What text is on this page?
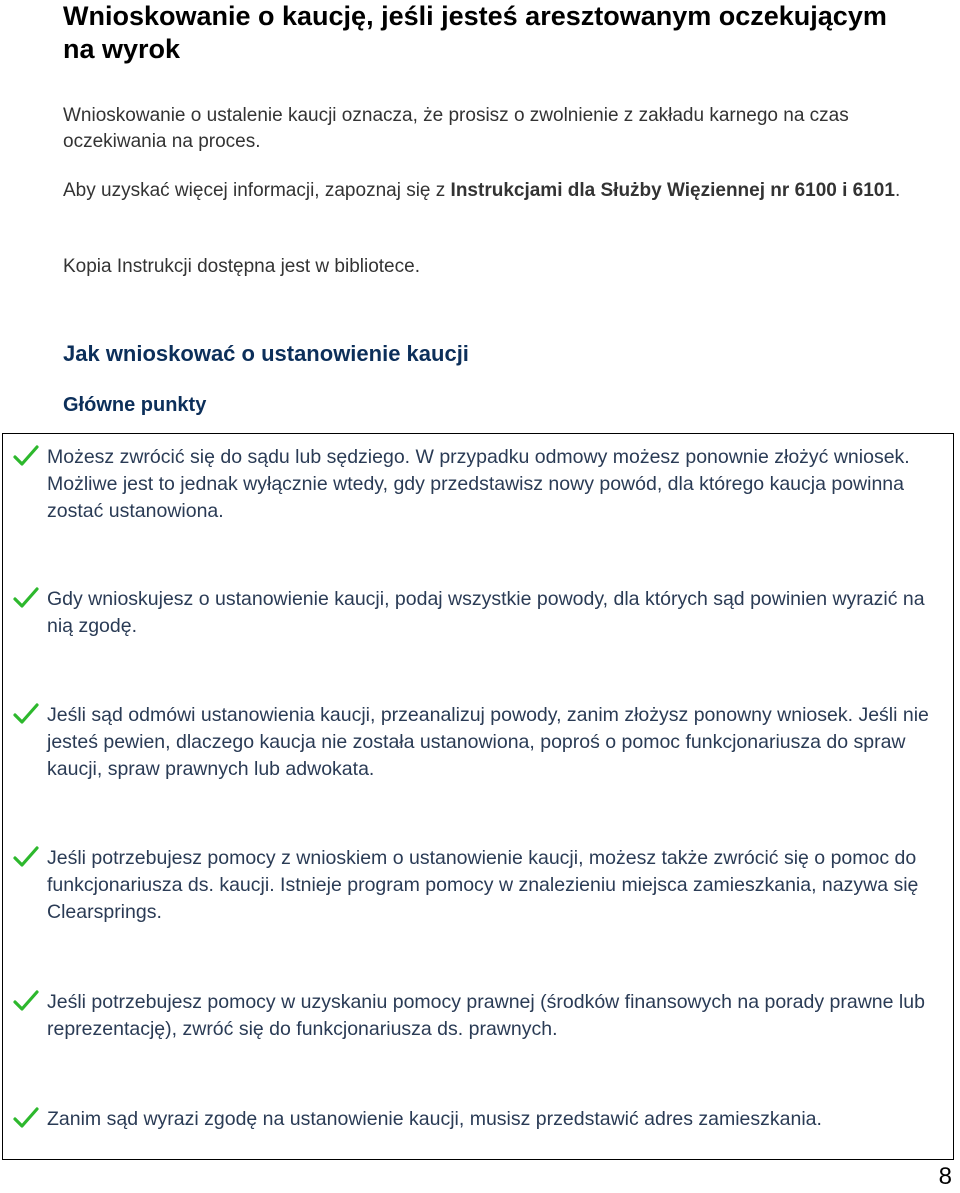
Wnioskowanie o kaucję, jeśli jesteś aresztowanym oczekującym na wyrok

Wnioskowanie o ustalenie kaucji oznacza, że prosisz o zwolnienie z zakładu karnego na czas oczekiwania na proces.

Aby uzyskać więcej informacji, zapoznaj się z Instrukcjami dla Służby Więziennej nr 6100 i 6101.

Kopia Instrukcji dostępna jest w bibliotece.

Jak wnioskować o ustanowienie kaucji
Główne punkty

Możesz zwrócić się do sądu lub sędziego. W przypadku odmowy możesz ponownie złożyć wniosek. Możliwe jest to jednak wyłącznie wtedy, gdy przedstawisz nowy powód, dla którego kaucja powinna zostać ustanowiona.

Gdy wnioskujesz o ustanowienie kaucji, podaj wszystkie powody, dla których sąd powinien wyrazić na nią zgodę.

Jeśli sąd odmówi ustanowienia kaucji, przeanalizuj powody, zanim złożysz ponowny wniosek. Jeśli nie jesteś pewien, dlaczego kaucja nie została ustanowiona, poproś o pomoc funkcjonariusza do spraw kaucji, spraw prawnych lub adwokata.

Jeśli potrzebujesz pomocy z wnioskiem o ustanowienie kaucji, możesz także zwrócić się o pomoc do funkcjonariusza ds. kaucji. Istnieje program pomocy w znalezieniu miejsca zamieszkania, nazywa się Clearsprings.

Jeśli potrzebujesz pomocy w uzyskaniu pomocy prawnej (środków finansowych na porady prawne lub reprezentację), zwróć się do funkcjonariusza ds. prawnych.

Zanim sąd wyrazi zgodę na ustanowienie kaucji, musisz przedstawić adres zamieszkania.

8
